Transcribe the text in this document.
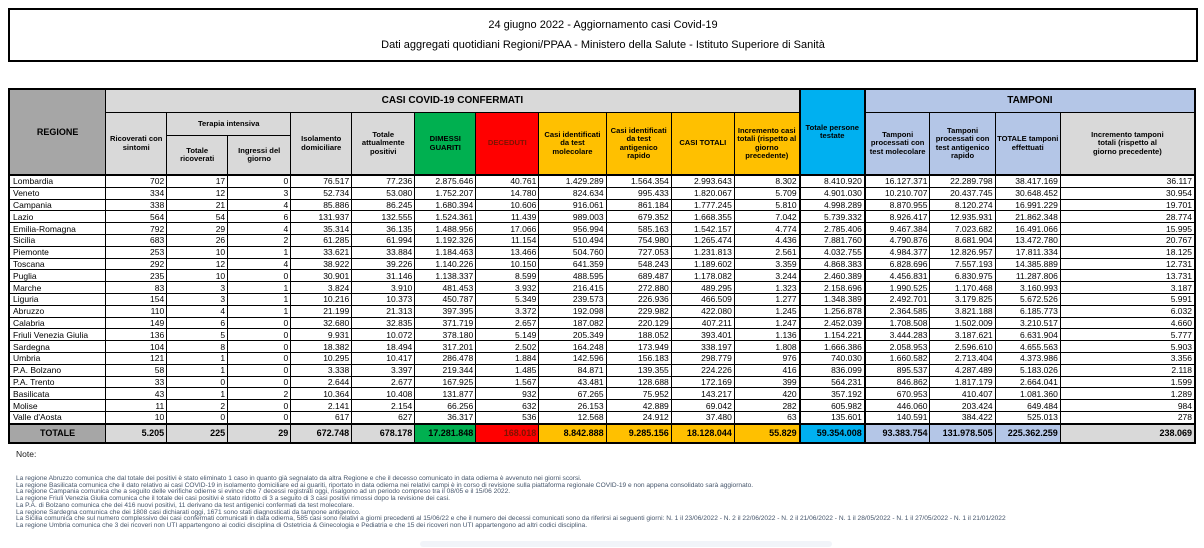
24 giugno 2022 - Aggiornamento casi Covid-19
Dati aggregati quotidiani Regioni/PPAA - Ministero della Salute - Istituto Superiore di Sanità
REGIONE	CASI COVID-19 CONFERMATI											Totale persone testate	TAMPONI			
	Ricoverati con sintomi	Terapia intensiva		Isolamento domiciliare	Totale attualmente positivi	DIMESSI GUARITI	DECEDUTI	Casi identificati da test molecolare	Casi identificati da test antigenico rapido	CASI TOTALI	Incremento casi totali (rispetto al giorno precedente)		Tamponi processati con test molecolare	Tamponi processati con test antigenico rapido	TOTALE tamponi effettuati	Incremento tamponi totali (rispetto al giorno precedente)
		Totale ricoverati	Ingressi del giorno													
Lombardia	702	17	0	76.517	77.236	2.875.646	40.761	1.429.289	1.564.354	2.993.643	8.302	8.410.920	16.127.371	22.289.798	38.417.169	36.117
Veneto	334	12	3	52.734	53.080	1.752.207	14.780	824.634	995.433	1.820.067	5.709	4.901.030	10.210.707	20.437.745	30.648.452	30.954
Campania	338	21	4	85.886	86.245	1.680.394	10.606	916.061	861.184	1.777.245	5.810	4.998.289	8.870.955	8.120.274	16.991.229	19.701
Lazio	564	54	6	131.937	132.555	1.524.361	11.439	989.003	679.352	1.668.355	7.042	5.739.332	8.926.417	12.935.931	21.862.348	28.774
Emilia-Romagna	792	29	4	35.314	36.135	1.488.956	17.066	956.994	585.163	1.542.157	4.774	2.785.406	9.467.384	7.023.682	16.491.066	15.995
Sicilia	683	26	2	61.285	61.994	1.192.326	11.154	510.494	754.980	1.265.474	4.436	7.881.760	4.790.876	8.681.904	13.472.780	20.767
Piemonte	253	10	1	33.621	33.884	1.184.463	13.466	504.760	727.053	1.231.813	2.561	4.032.755	4.984.377	12.826.957	17.811.334	18.125
Toscana	292	12	4	38.922	39.226	1.140.226	10.150	641.359	548.243	1.189.602	3.359	4.868.383	6.828.696	7.557.193	14.385.889	12.731
Puglia	235	10	0	30.901	31.146	1.138.337	8.599	488.595	689.487	1.178.082	3.244	2.460.389	4.456.831	6.830.975	11.287.806	13.731
Marche	83	3	1	3.824	3.910	481.453	3.932	216.415	272.880	489.295	1.323	2.158.696	1.990.525	1.170.468	3.160.993	3.187
Liguria	154	3	1	10.216	10.373	450.787	5.349	239.573	226.936	466.509	1.277	1.348.389	2.492.701	3.179.825	5.672.526	5.991
Abruzzo	110	4	1	21.199	21.313	397.395	3.372	192.098	229.982	422.080	1.245	1.256.878	2.364.585	3.821.188	6.185.773	6.032
Calabria	149	6	0	32.680	32.835	371.719	2.657	187.082	220.129	407.211	1.247	2.452.039	1.708.508	1.502.009	3.210.517	4.660
Friuli Venezia Giulia	136	5	0	9.931	10.072	378.180	5.149	205.349	188.052	393.401	1.136	1.154.221	3.444.283	3.187.621	6.631.904	5.777
Sardegna	104	8	0	18.382	18.494	317.201	2.502	164.248	173.949	338.197	1.808	1.666.386	2.058.953	2.596.610	4.655.563	5.903
Umbria	121	1	0	10.295	10.417	286.478	1.884	142.596	156.183	298.779	976	740.030	1.660.582	2.713.404	4.373.986	3.356
P.A. Bolzano	58	1	0	3.338	3.397	219.344	1.485	84.871	139.355	224.226	416	836.099	895.537	4.287.489	5.183.026	2.118
P.A. Trento	33	0	0	2.644	2.677	167.925	1.567	43.481	128.688	172.169	399	564.231	846.862	1.817.179	2.664.041	1.599
Basilicata	43	1	2	10.364	10.408	131.877	932	67.265	75.952	143.217	420	357.192	670.953	410.407	1.081.360	1.289
Molise	11	2	0	2.141	2.154	66.256	632	26.153	42.889	69.042	282	605.982	446.060	203.424	649.484	984
Valle d'Aosta	10	0	0	617	627	36.317	536	12.568	24.912	37.480	63	135.601	140.591	384.422	525.013	278
TOTALE	5.205	225	29	672.748	678.178	17.281.848	168.018	8.842.888	9.285.156	18.128.044	55.829	59.354.008	93.383.754	131.978.505	225.362.259	238.069
Note:
La regione Abruzzo comunica che dal totale dei positivi è stato eliminato 1 caso in quanto già segnalato da altra Regione e che il decesso comunicato in data odierna è avvenuto nei giorni scorsi.
La regione Basilicata comunica che il dato relativo ai casi COVID-19 in isolamento domiciliare ed ai guariti, riportato in data odierna nei relativi campi è in corso di revisione sulla piattaforma regionale COVID-19 e non appena consolidato sarà aggiornato.
La regione Campania comunica che a seguito delle verifiche odierne si evince che 7 decessi registrati oggi, risalgono ad un periodo compreso tra il 08/05 e il 15/06 2022.
La regione Friuli Venezia Giulia comunica che il totale dei casi positivi è stato ridotto di 3 a seguito di 3 casi positivi rimossi dopo la revisione dei casi.
La P.A. di Bolzano comunica che dei 416 nuovi positivi, 11 derivano da test antigenici confermati da test molecolare.
La regione Sardegna comunica che dei 1808 casi dichiarati oggi, 1671 sono stati diagnosticati da tampone antigenico.
La Sicilia comunica che sul numero complessivo dei casi confermati comunicati in data odierna, 585 casi sono relativi a giorni precedenti al 15/06/22 e che il numero dei decessi comunicati sono da riferirsi ai seguenti giorni: N. 1 il 23/06/2022 - N. 2 il 22/06/2022 - N. 2 il 21/06/2022 - N. 1 il 28/05/2022 - N. 1 il 27/05/2022 - N. 1 il 21/01/2022
La regione Umbria comunica che 3 dei ricoveri non UTI appartengono ai codici disciplina di Ostetricia & Ginecologia e Pediatria e che 15 dei ricoveri non UTI appartengono ad altri codici disciplina.
